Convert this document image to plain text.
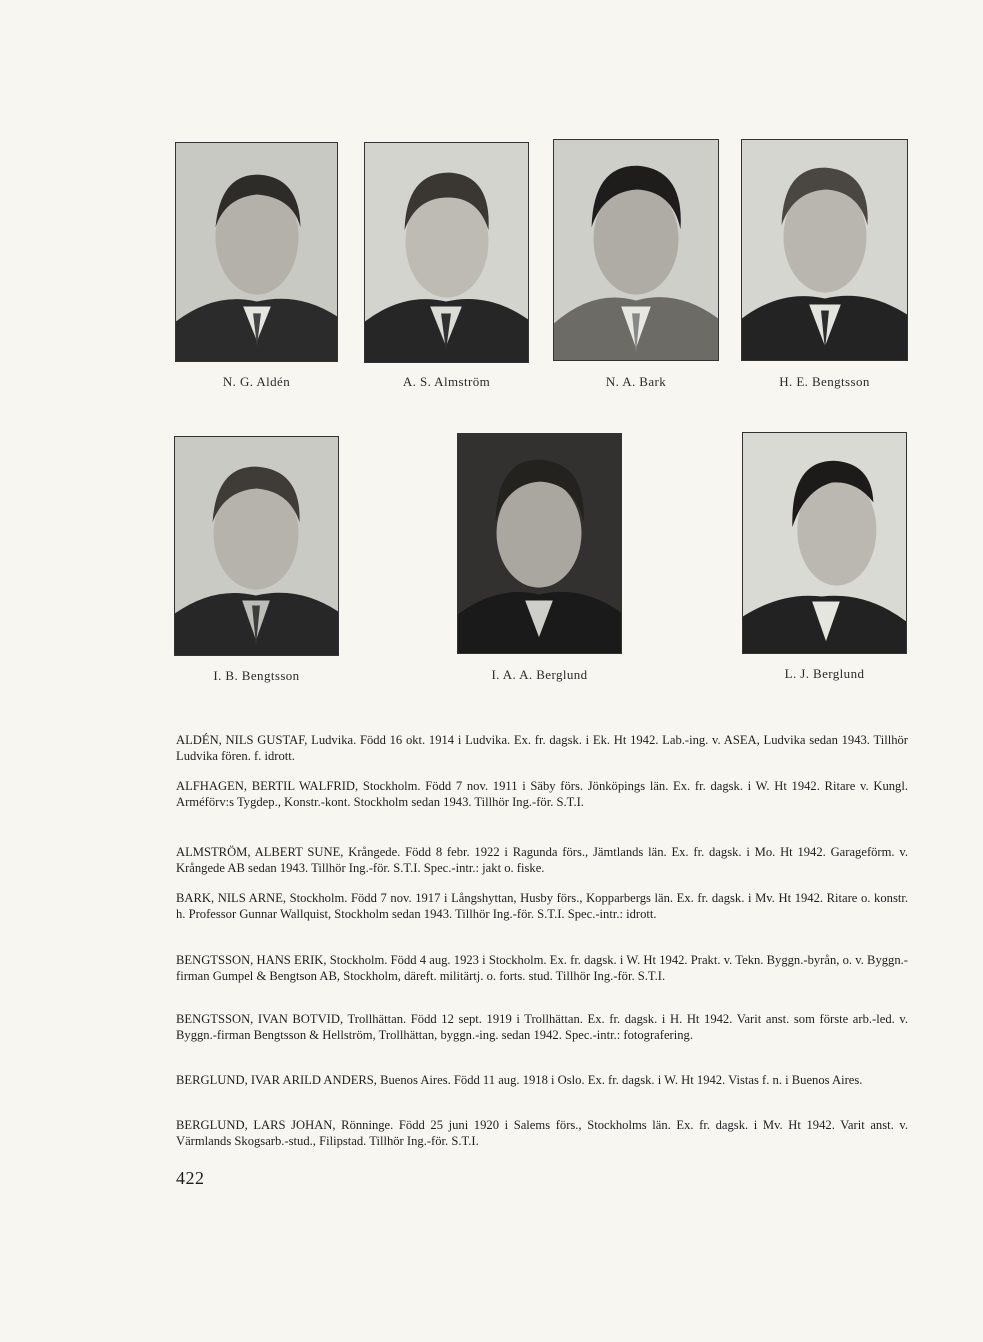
N. G. Aldén	A. S. Almström	N. A. Bark	H. E. Bengtsson
I. B. Bengtsson	I. A. A. Berglund	L. J. Berglund

ALDÉN, NILS GUSTAF, Ludvika. Född 16 okt. 1914 i Ludvika. Ex. fr. dagsk. i Ek. Ht 1942. Lab.-ing. v. ASEA, Ludvika sedan 1943. Tillhör Ludvika fören. f. idrott.

ALFHAGEN, BERTIL WALFRID, Stockholm. Född 7 nov. 1911 i Säby förs. Jönköpings län. Ex. fr. dagsk. i W. Ht 1942. Ritare v. Kungl. Arméförv:s Tygdep., Konstr.-kont. Stockholm sedan 1943. Tillhör Ing.-för. S.T.I.

ALMSTRÖM, ALBERT SUNE, Krångede. Född 8 febr. 1922 i Ragunda förs., Jämtlands län. Ex. fr. dagsk. i Mo. Ht 1942. Garageförm. v. Krångede AB sedan 1943. Tillhör Ing.-för. S.T.I. Spec.-intr.: jakt o. fiske.

BARK, NILS ARNE, Stockholm. Född 7 nov. 1917 i Långshyttan, Husby förs., Kopparbergs län. Ex. fr. dagsk. i Mv. Ht 1942. Ritare o. konstr. h. Professor Gunnar Wallquist, Stockholm sedan 1943. Tillhör Ing.-för. S.T.I. Spec.-intr.: idrott.

BENGTSSON, HANS ERIK, Stockholm. Född 4 aug. 1923 i Stockholm. Ex. fr. dagsk. i W. Ht 1942. Prakt. v. Tekn. Byggn.-byrån, o. v. Byggn.-firman Gumpel & Bengtson AB, Stockholm, däreft. militärtj. o. forts. stud. Tillhör Ing.-för. S.T.I.

BENGTSSON, IVAN BOTVID, Trollhättan. Född 12 sept. 1919 i Trollhättan. Ex. fr. dagsk. i H. Ht 1942. Varit anst. som förste arb.-led. v. Byggn.-firman Bengtsson & Hellström, Trollhättan, byggn.-ing. sedan 1942. Spec.-intr.: fotografering.

BERGLUND, IVAR ARILD ANDERS, Buenos Aires. Född 11 aug. 1918 i Oslo. Ex. fr. dagsk. i W. Ht 1942. Vistas f. n. i Buenos Aires.

BERGLUND, LARS JOHAN, Rönninge. Född 25 juni 1920 i Salems förs., Stockholms län. Ex. fr. dagsk. i Mv. Ht 1942. Varit anst. v. Värmlands Skogsarb.-stud., Filipstad. Tillhör Ing.-för. S.T.I.

422
